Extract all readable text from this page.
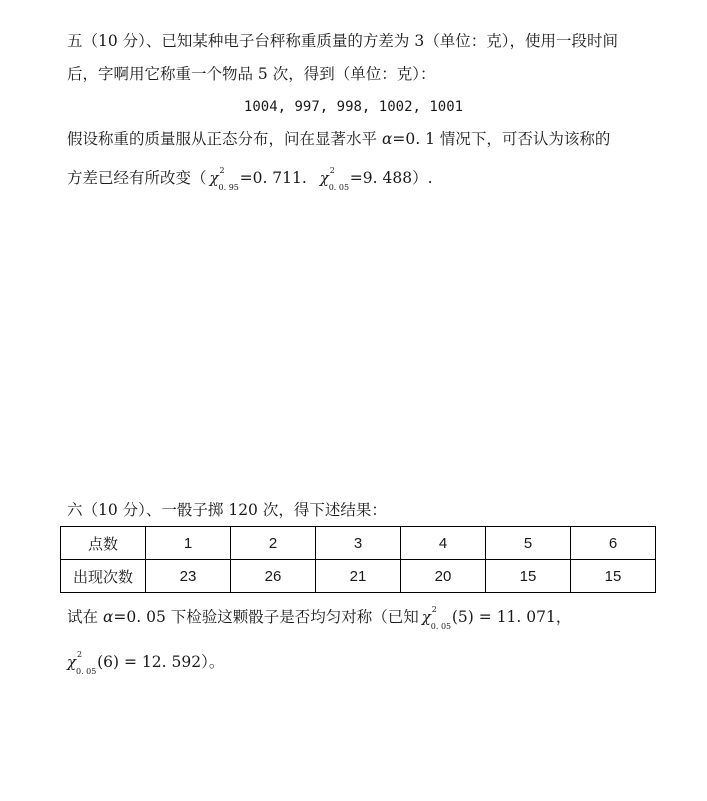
五（10 分）、已知某种电子台秤称重质量的方差为 3（单位：克），使用一段时间
后，字啊用它称重一个物品 5 次，得到（单位：克）：
1004, 997, 998, 1002, 1001
假设称重的质量服从正态分布，问在显著水平 α=0. 1 情况下，可否认为该称的
方差已经有所改变（ χ 2
0. 95
=0. 711. χ 2
0. 05
=9. 488）.
六（10 分）、一骰子掷 120 次，得下述结果：
点数	1	2	3	4	5	6
出现次数	23	26	21	20	15	15
试在 α=0. 05 下检验这颗骰子是否均匀对称（已知 χ 2
0. 05
(5) = 11. 071，
χ 2
0. 05
(6) = 12. 592）。
